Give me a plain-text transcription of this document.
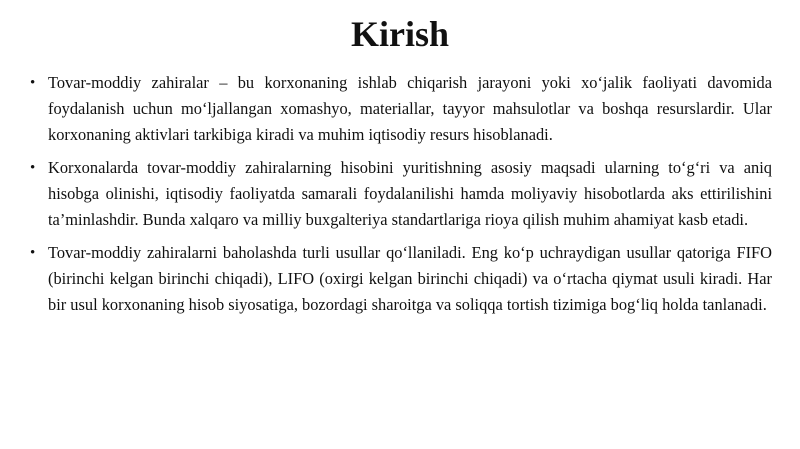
Kirish
• Tovar-moddiy zahiralar – bu korxonaning ishlab chiqarish jarayoni yoki xo‘jalik faoliyati davomida foydalanish uchun mo‘ljallangan xomashyo, materiallar, tayyor mahsulotlar va boshqa resurslardir. Ular korxonaning aktivlari tarkibiga kiradi va muhim iqtisodiy resurs hisoblanadi.
• Korxonalarda tovar-moddiy zahiralarning hisobini yuritishning asosiy maqsadi ularning to‘g‘ri va aniq hisobga olinishi, iqtisodiy faoliyatda samarali foydalanilishi hamda moliyaviy hisobotlarda aks ettirilishini ta’minlashdir. Bunda xalqaro va milliy buxgalteriya standartlariga rioya qilish muhim ahamiyat kasb etadi.
• Tovar-moddiy zahiralarni baholashda turli usullar qo‘llaniladi. Eng ko‘p uchraydigan usullar qatoriga FIFO (birinchi kelgan birinchi chiqadi), LIFO (oxirgi kelgan birinchi chiqadi) va o‘rtacha qiymat usuli kiradi. Har bir usul korxonaning hisob siyosatiga, bozordagi sharoitga va soliqqa tortish tizimiga bog‘liq holda tanlanadi.
